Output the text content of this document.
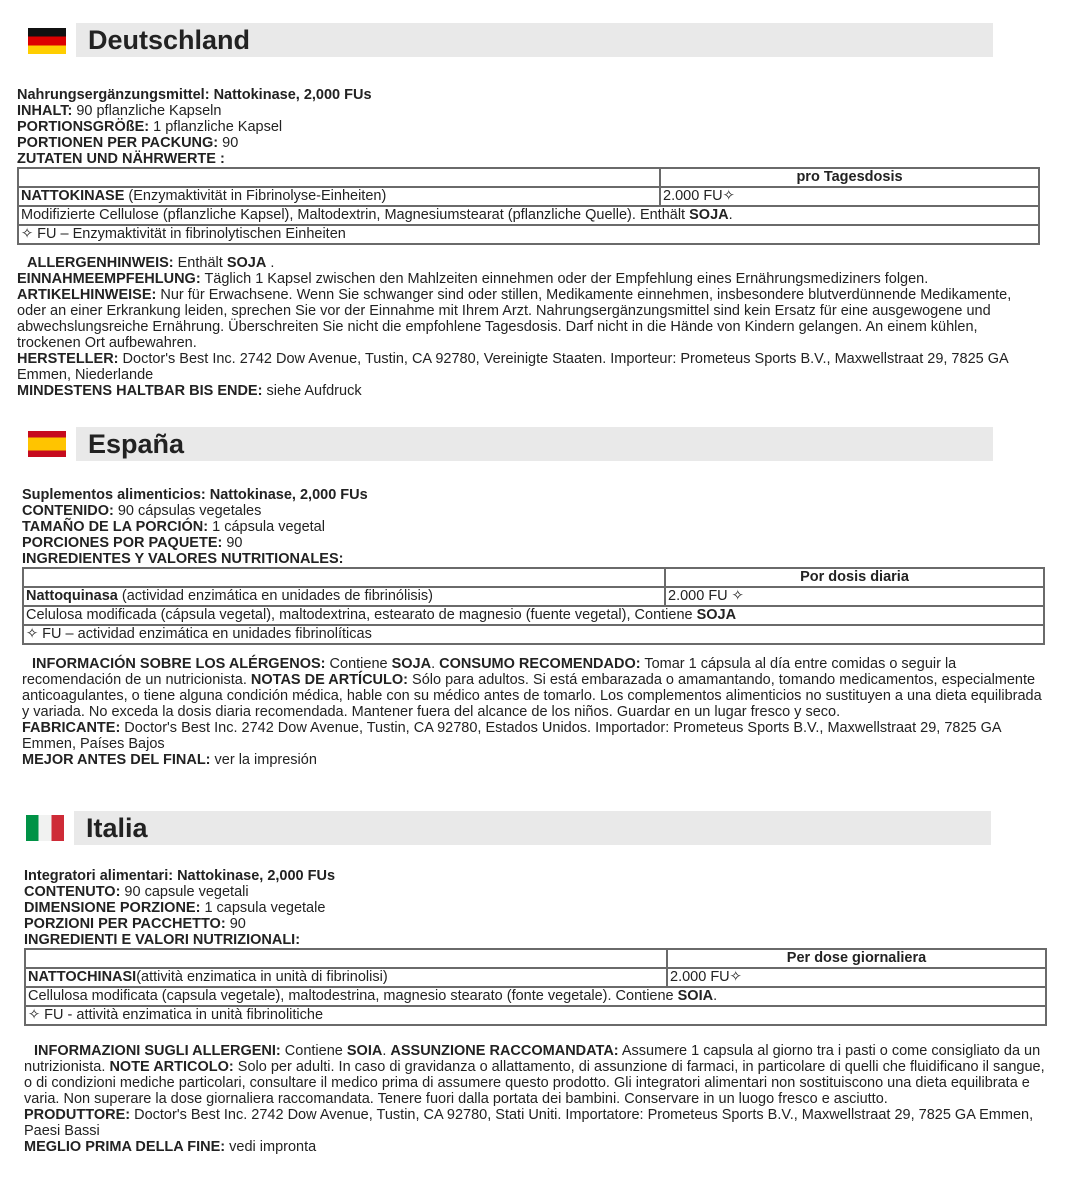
Deutschland
Nahrungsergänzungsmittel: Nattokinase, 2,000 FUs
INHALT: 90 pflanzliche Kapseln
PORTIONSGRÖßE: 1 pflanzliche Kapsel
PORTIONEN PER PACKUNG: 90
ZUTATEN UND NÄHRWERTE :
	pro Tagesdosis
NATTOKINASE (Enzymaktivität in Fibrinolyse-Einheiten)	2.000 FU✧
Modifizierte Cellulose (pflanzliche Kapsel), Maltodextrin, Magnesiumstearat (pflanzliche Quelle). Enthält SOJA.	
✧ FU – Enzymaktivität in fibrinolytischen Einheiten	
ALLERGENHINWEIS: Enthält SOJA .
EINNAHMEEMPFEHLUNG: Täglich 1 Kapsel zwischen den Mahlzeiten einnehmen oder der Empfehlung eines Ernährungsmediziners folgen. ARTIKELHINWEISE: Nur für Erwachsene. Wenn Sie schwanger sind oder stillen, Medikamente einnehmen, insbesondere blutverdünnende Medikamente, oder an einer Erkrankung leiden, sprechen Sie vor der Einnahme mit Ihrem Arzt. Nahrungsergänzungsmittel sind kein Ersatz für eine ausgewogene und abwechslungsreiche Ernährung. Überschreiten Sie nicht die empfohlene Tagesdosis. Darf nicht in die Hände von Kindern gelangen. An einem kühlen, trockenen Ort aufbewahren.
HERSTELLER: Doctor's Best Inc. 2742 Dow Avenue, Tustin, CA 92780, Vereinigte Staaten. Importeur: Prometeus Sports B.V., Maxwellstraat 29, 7825 GA Emmen, Niederlande
MINDESTENS HALTBAR BIS ENDE: siehe Aufdruck
España
Suplementos alimenticios: Nattokinase, 2,000 FUs
CONTENIDO: 90 cápsulas vegetales
TAMAÑO DE LA PORCIÓN: 1 cápsula vegetal
PORCIONES POR PAQUETE: 90
INGREDIENTES Y VALORES NUTRITIONALES:
	Por dosis diaria
Nattoquinasa (actividad enzimática en unidades de fibrinólisis)	2.000 FU ✧
Celulosa modificada (cápsula vegetal), maltodextrina, estearato de magnesio (fuente vegetal), Contiene SOJA	
✧ FU – actividad enzimática en unidades fibrinolíticas	
INFORMACIÓN SOBRE LOS ALÉRGENOS: Contiene SOJA. CONSUMO RECOMENDADO: Tomar 1 cápsula al día entre comidas o seguir la recomendación de un nutricionista. NOTAS DE ARTÍCULO: Sólo para adultos. Si está embarazada o amamantando, tomando medicamentos, especialmente anticoagulantes, o tiene alguna condición médica, hable con su médico antes de tomarlo. Los complementos alimenticios no sustituyen a una dieta equilibrada y variada. No exceda la dosis diaria recomendada. Mantener fuera del alcance de los niños. Guardar en un lugar fresco y seco.
FABRICANTE: Doctor's Best Inc. 2742 Dow Avenue, Tustin, CA 92780, Estados Unidos. Importador: Prometeus Sports B.V., Maxwellstraat 29, 7825 GA Emmen, Países Bajos
MEJOR ANTES DEL FINAL: ver la impresión
Italia
Integratori alimentari: Nattokinase, 2,000 FUs
CONTENUTO: 90 capsule vegetali
DIMENSIONE PORZIONE: 1 capsula vegetale
PORZIONI PER PACCHETTO: 90
INGREDIENTI E VALORI NUTRIZIONALI:
	Per dose giornaliera
NATTOCHINASI(attività enzimatica in unità di fibrinolisi)	2.000 FU✧
Cellulosa modificata (capsula vegetale), maltodestrina, magnesio stearato (fonte vegetale). Contiene SOIA.	
✧ FU - attività enzimatica in unità fibrinolitiche	
INFORMAZIONI SUGLI ALLERGENI: Contiene SOIA. ASSUNZIONE RACCOMANDATA: Assumere 1 capsula al giorno tra i pasti o come consigliato da un nutrizionista. NOTE ARTICOLO: Solo per adulti. In caso di gravidanza o allattamento, di assunzione di farmaci, in particolare di quelli che fluidificano il sangue, o di condizioni mediche particolari, consultare il medico prima di assumere questo prodotto. Gli integratori alimentari non sostituiscono una dieta equilibrata e varia. Non superare la dose giornaliera raccomandata. Tenere fuori dalla portata dei bambini. Conservare in un luogo fresco e asciutto.
PRODUTTORE: Doctor's Best Inc. 2742 Dow Avenue, Tustin, CA 92780, Stati Uniti. Importatore: Prometeus Sports B.V., Maxwellstraat 29, 7825 GA Emmen, Paesi Bassi
MEGLIO PRIMA DELLA FINE: vedi impronta
